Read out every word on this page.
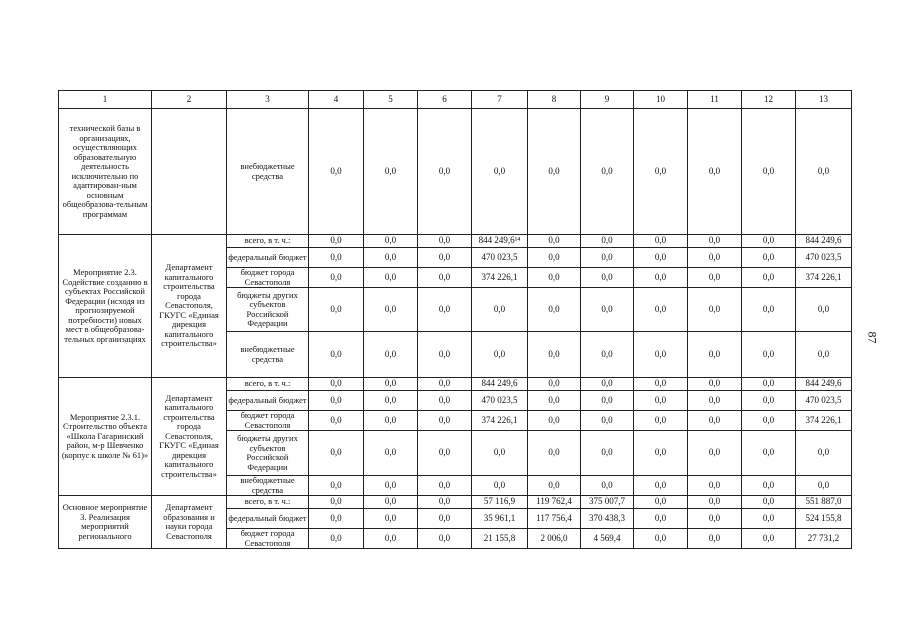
1	2	3	4	5	6	7	8	9	10	11	12	13
технической базы в организациях, осуществляющих образовательную деятельность исключительно по адаптирован-ным основным общеобразова-тельным программам		внебюджетные средства	0,0	0,0	0,0	0,0	0,0	0,0	0,0	0,0	0,0	0,0
Мероприятие 2.3. Содействие созданию в субъектах Российской Федерации (исходя из прогнозируемой потребности) новых мест в общеобразова-тельных организациях	Департамент капитального строительства города Севастополя, ГКУГС «Единая дирекция капитального строительства»	всего, в т. ч.:	0,0	0,0	0,0	844 249,6¹⁴	0,0	0,0	0,0	0,0	0,0	844 249,6
		федеральный бюджет	0,0	0,0	0,0	470 023,5	0,0	0,0	0,0	0,0	0,0	470 023,5
		бюджет города Севастополя	0,0	0,0	0,0	374 226,1	0,0	0,0	0,0	0,0	0,0	374 226,1
		бюджеты других субъектов Российской Федерации	0,0	0,0	0,0	0,0	0,0	0,0	0,0	0,0	0,0	0,0
		внебюджетные средства	0,0	0,0	0,0	0,0	0,0	0,0	0,0	0,0	0,0	0,0
Мероприятие 2.3.1. Строительство объекта «Школа Гагаринский район, м-р Шевченко (корпус к школе № 61)»	Департамент капитального строительства города Севастополя, ГКУГС «Единая дирекция капитального строительства»	всего, в т. ч.:	0,0	0,0	0,0	844 249,6	0,0	0,0	0,0	0,0	0,0	844 249,6
		федеральный бюджет	0,0	0,0	0,0	470 023,5	0,0	0,0	0,0	0,0	0,0	470 023,5
		бюджет города Севастополя	0,0	0,0	0,0	374 226,1	0,0	0,0	0,0	0,0	0,0	374 226,1
		бюджеты других субъектов Российской Федерации	0,0	0,0	0,0	0,0	0,0	0,0	0,0	0,0	0,0	0,0
		внебюджетные средства	0,0	0,0	0,0	0,0	0,0	0,0	0,0	0,0	0,0	0,0
Основное мероприятие 3. Реализация мероприятий регионального	Департамент образования и науки города Севастополя	всего, в т. ч.:	0,0	0,0	0,0	57 116,9	119 762,4	375 007,7	0,0	0,0	0,0	551 887,0
		федеральный бюджет	0,0	0,0	0,0	35 961,1	117 756,4	370 438,3	0,0	0,0	0,0	524 155,8
		бюджет города Севастополя	0,0	0,0	0,0	21 155,8	2 006,0	4 569,4	0,0	0,0	0,0	27 731,2
87
